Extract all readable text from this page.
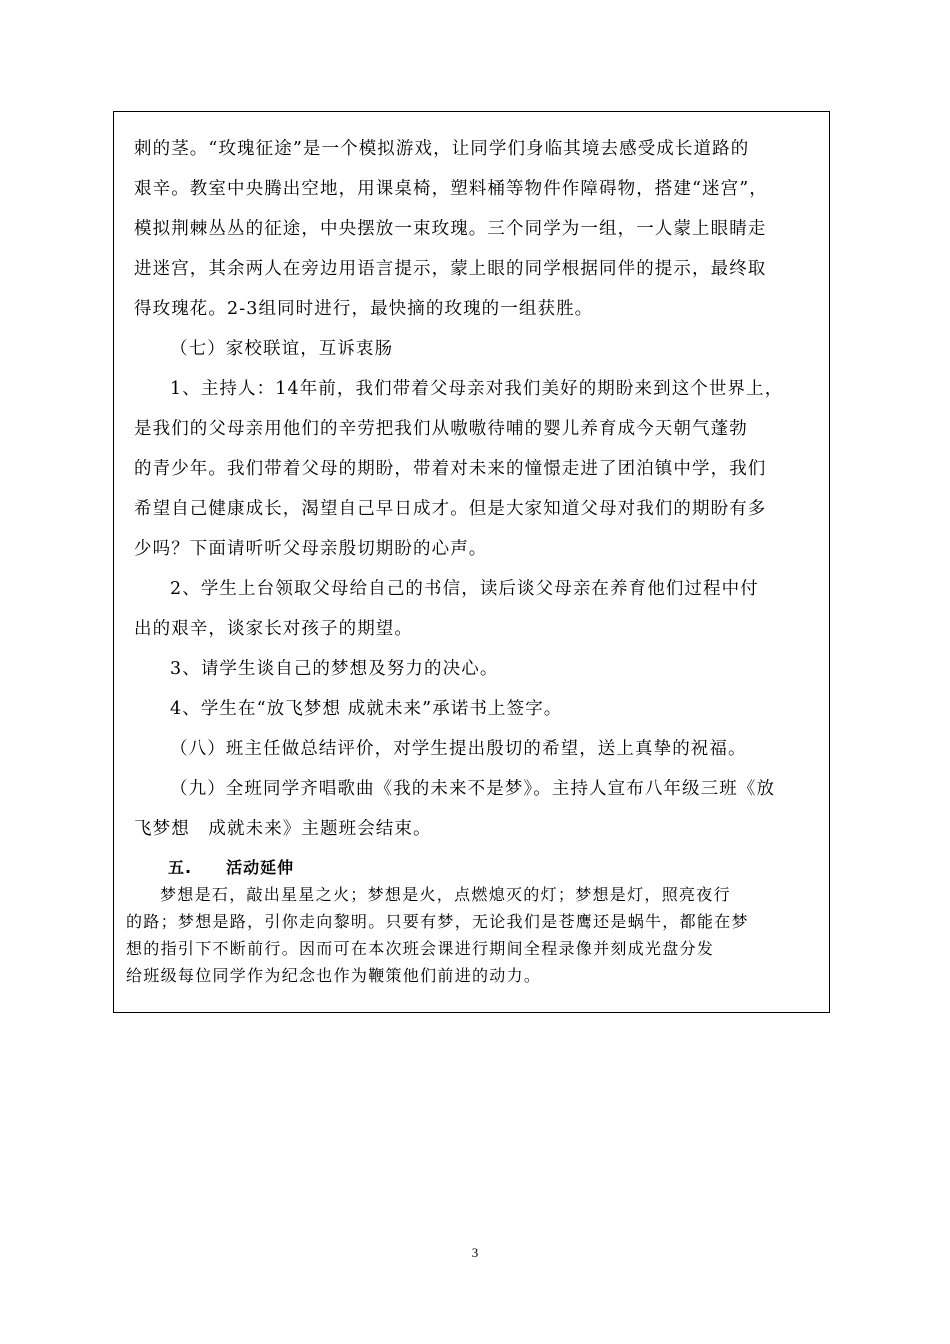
刺的茎。“玫瑰征途”是一个模拟游戏，让同学们身临其境去感受成长道路的
艰辛。教室中央腾出空地，用课桌椅，塑料桶等物件作障碍物，搭建“迷宫”，
模拟荆棘丛丛的征途，中央摆放一束玫瑰。三个同学为一组，一人蒙上眼睛走
进迷宫，其余两人在旁边用语言提示，蒙上眼的同学根据同伴的提示，最终取
得玫瑰花。2-3组同时进行，最快摘的玫瑰的一组获胜。
（七）家校联谊，互诉衷肠
1、主持人：14年前，我们带着父母亲对我们美好的期盼来到这个世界上，
是我们的父母亲用他们的辛劳把我们从嗷嗷待哺的婴儿养育成今天朝气蓬勃
的青少年。我们带着父母的期盼，带着对未来的憧憬走进了团泊镇中学，我们
希望自己健康成长，渴望自己早日成才。但是大家知道父母对我们的期盼有多
少吗？下面请听听父母亲殷切期盼的心声。
2、学生上台领取父母给自己的书信，读后谈父母亲在养育他们过程中付
出的艰辛，谈家长对孩子的期望。
3、请学生谈自己的梦想及努力的决心。
4、学生在“放飞梦想 成就未来”承诺书上签字。
（八）班主任做总结评价，对学生提出殷切的希望，送上真挚的祝福。
（九）全班同学齐唱歌曲《我的未来不是梦》。主持人宣布八年级三班《放
飞梦想　成就未来》主题班会结束。
五.　　活动延伸
梦想是石，敲出星星之火；梦想是火，点燃熄灭的灯；梦想是灯，照亮夜行
的路；梦想是路，引你走向黎明。只要有梦，无论我们是苍鹰还是蜗牛，都能在梦
想的指引下不断前行。因而可在本次班会课进行期间全程录像并刻成光盘分发
给班级每位同学作为纪念也作为鞭策他们前进的动力。
3
